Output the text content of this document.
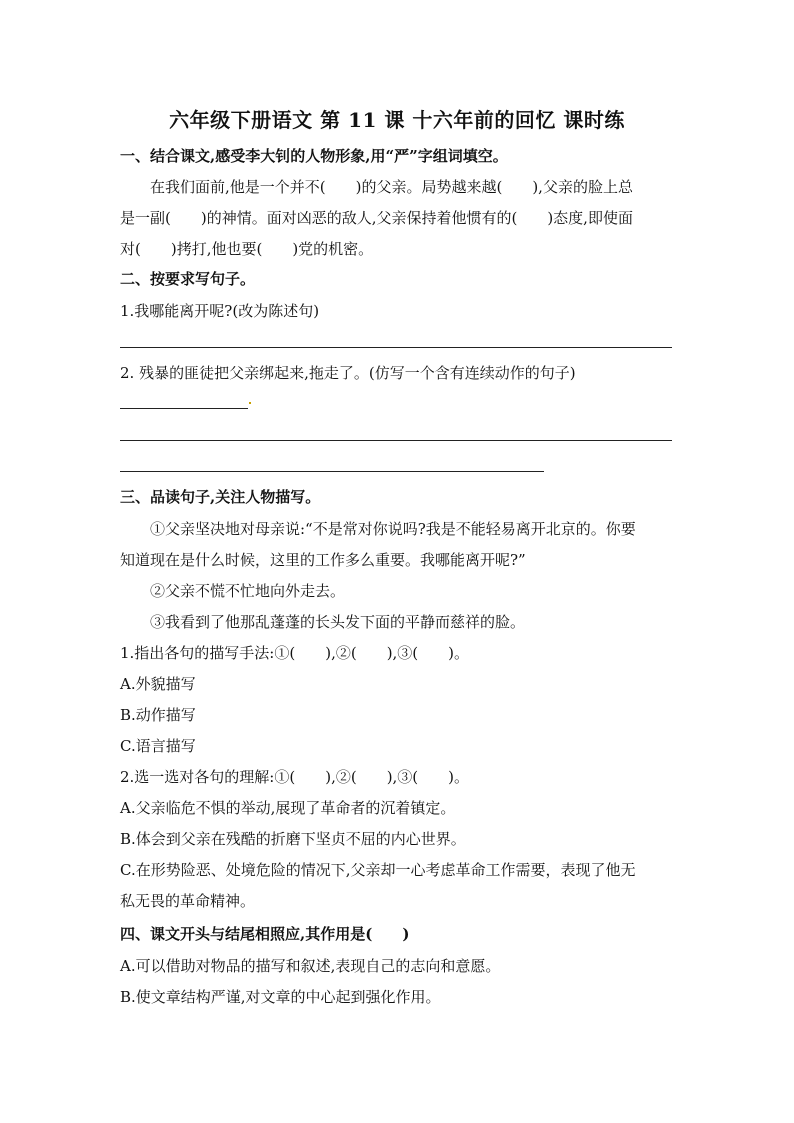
六年级下册语文 第 11 课 十六年前的回忆 课时练
一、结合课文,感受李大钊的人物形象,用“严”字组词填空。
在我们面前,他是一个并不(　　)的父亲。局势越来越(　　),父亲的脸上总
是一副(　　)的神情。面对凶恶的敌人,父亲保持着他惯有的(　　)态度,即使面
对(　　)拷打,他也要(　　)党的机密。
二、按要求写句子。
1.我哪能离开呢?(改为陈述句)
2. 残暴的匪徒把父亲绑起来,拖走了。(仿写一个含有连续动作的句子)
三、品读句子,关注人物描写。
①父亲坚决地对母亲说:“不是常对你说吗?我是不能轻易离开北京的。你要
知道现在是什么时候，这里的工作多么重要。我哪能离开呢?”
②父亲不慌不忙地向外走去。
③我看到了他那乱蓬蓬的长头发下面的平静而慈祥的脸。
1.指出各句的描写手法:①(　　),②(　　),③(　　)。
A.外貌描写
B.动作描写
C.语言描写
2.选一选对各句的理解:①(　　),②(　　),③(　　)。
A.父亲临危不惧的举动,展现了革命者的沉着镇定。
B.体会到父亲在残酷的折磨下坚贞不屈的内心世界。
C.在形势险恶、处境危险的情况下,父亲却一心考虑革命工作需要，表现了他无
私无畏的革命精神。
四、课文开头与结尾相照应,其作用是(　　)
A.可以借助对物品的描写和叙述,表现自己的志向和意愿。
B.使文章结构严谨,对文章的中心起到强化作用。
